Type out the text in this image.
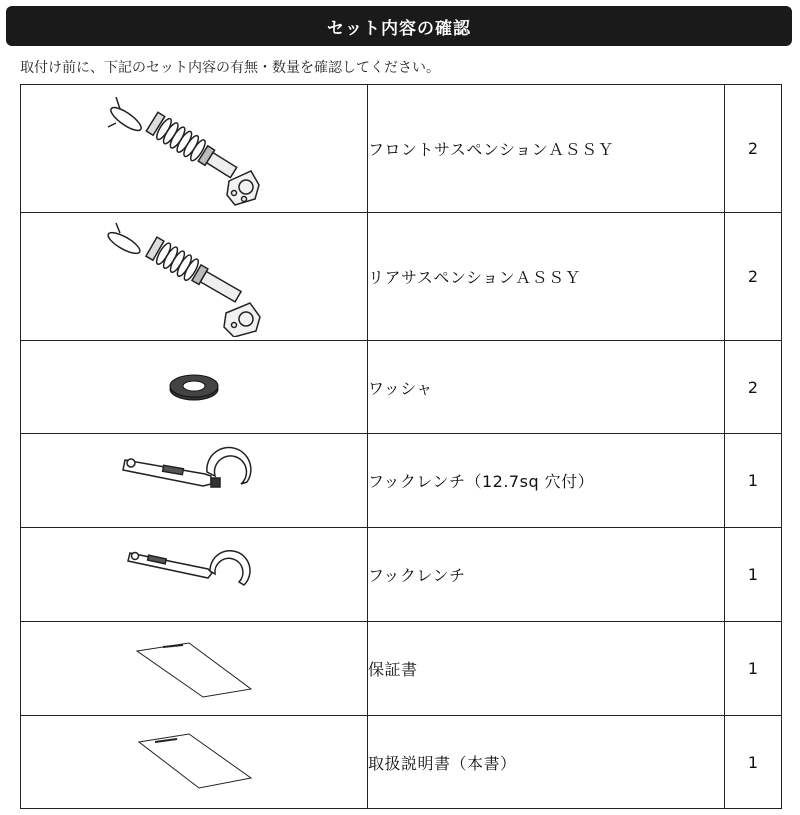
セット内容の確認
取付け前に、下記のセット内容の有無・数量を確認してください。
	フロントサスペンションＡＳＳＹ	2

	リアサスペンションＡＳＳＹ	2

	ワッシャ	2

	フックレンチ（12.7sq 穴付）	1

	フックレンチ	1

	保証書	1

	取扱説明書（本書）	1
